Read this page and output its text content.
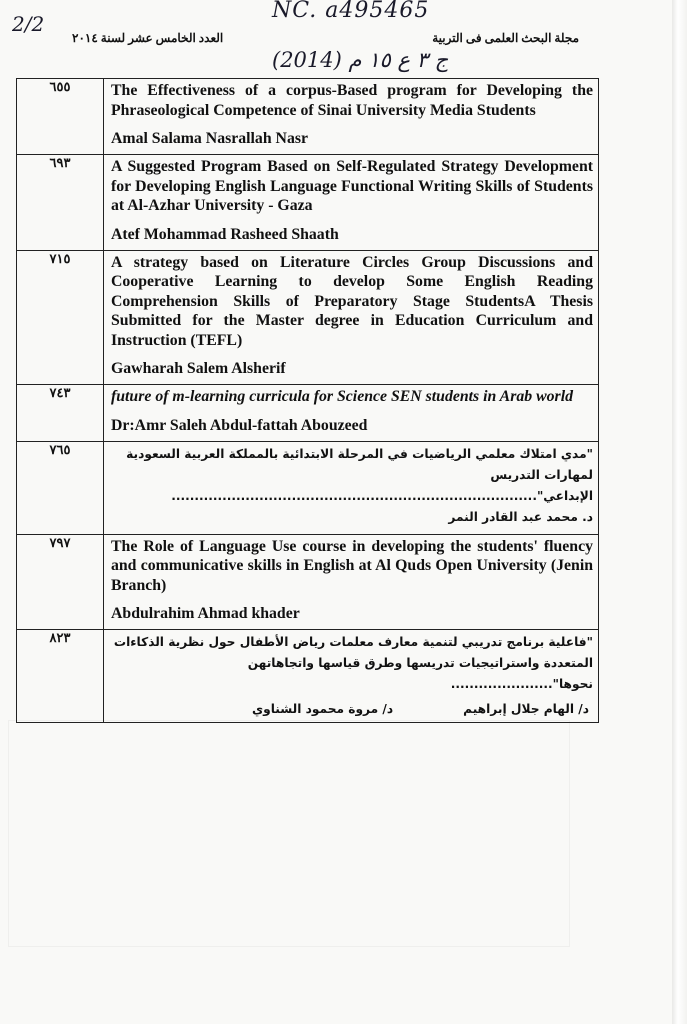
2/2
NC. a495465
(2014) ج ٣ ع ١٥ م
العدد الخامس عشر لسنة ٢٠١٤	مجلة البحث العلمى فى التربية
٦٥٥	The Effectiveness of a corpus-Based program for Developing the Phraseological Competence of Sinai University Media Students
Amal Salama Nasrallah Nasr

٦٩٣	A Suggested Program Based on Self-Regulated Strategy Development for Developing English Language Functional Writing Skills of Students at Al-Azhar University - Gaza
Atef Mohammad Rasheed Shaath

٧١٥	A strategy based on Literature Circles Group Discussions and Cooperative Learning to develop Some English Reading Comprehension Skills of Preparatory Stage StudentsA Thesis Submitted for the Master degree in Education Curriculum and Instruction (TEFL)
Gawharah Salem Alsherif

٧٤٣	future of m-learning curricula for Science SEN students in Arab world
Dr:Amr Saleh Abdul-fattah Abouzeed

٧٦٥	"مدي امتلاك معلمي الرياضيات في المرحلة الابتدائية بالمملكة العربية السعودية
لمهارات التدريس الإبداعي"...............................................................................
د. محمد عبد القادر النمر

٧٩٧	The Role of Language Use course in developing the students' fluency and communicative skills in English at Al Quds Open University (Jenin Branch)
Abdulrahim Ahmad khader

٨٢٣	"فاعلية برنامج تدريبي لتنمية معارف معلمات رياض الأطفال حول نظرية الذكاءات
المتعددة واستراتيجيات تدريسها وطرق قياسها واتجاهاتهن نحوها"......................
د/ الهام جلال إبراهيم
د/ مروة محمود الشناوي
